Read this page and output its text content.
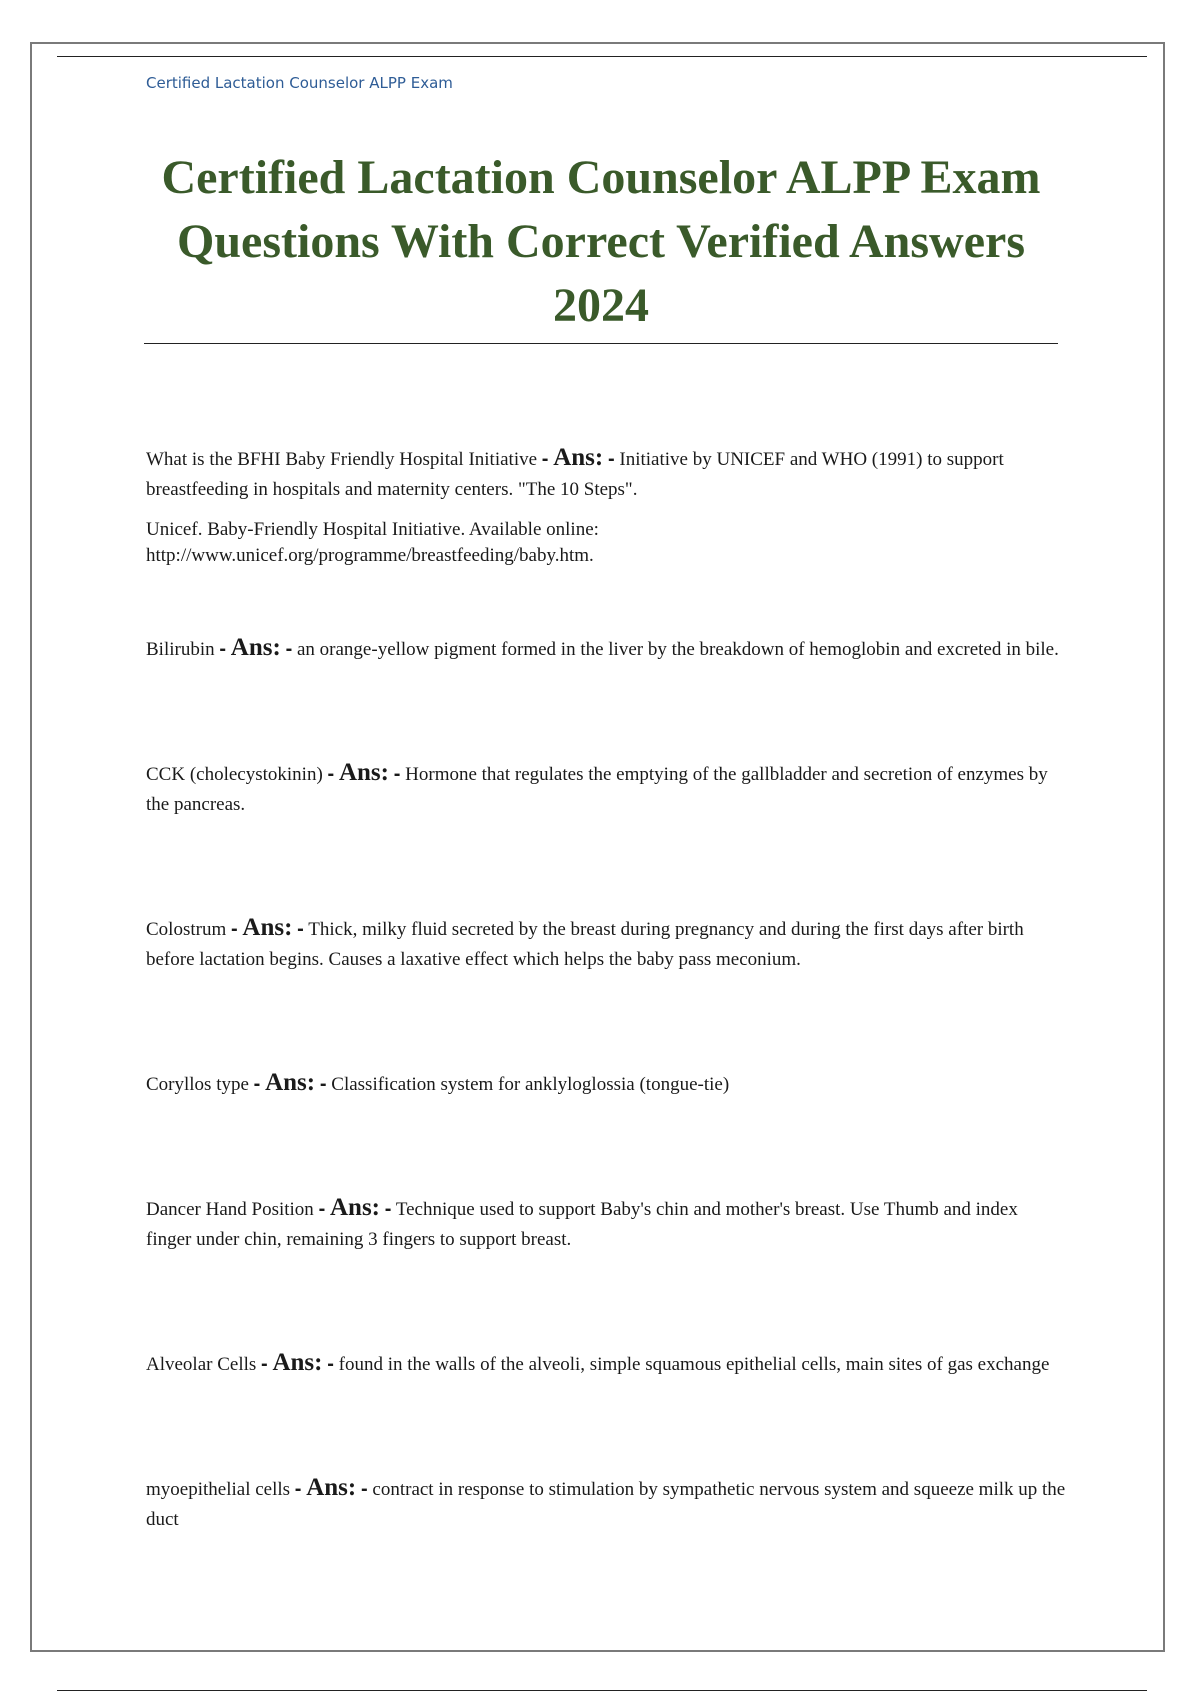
Certified Lactation Counselor ALPP Exam
Certified Lactation Counselor ALPP Exam Questions With Correct Verified Answers 2024

What is the BFHI Baby Friendly Hospital Initiative - Ans: - Initiative by UNICEF and WHO (1991) to support breastfeeding in hospitals and maternity centers. "The 10 Steps".

Unicef. Baby-Friendly Hospital Initiative. Available online:
http://www.unicef.org/programme/breastfeeding/baby.htm.

Bilirubin - Ans: - an orange-yellow pigment formed in the liver by the breakdown of hemoglobin and excreted in bile.

CCK (cholecystokinin) - Ans: - Hormone that regulates the emptying of the gallbladder and secretion of enzymes by the pancreas.

Colostrum - Ans: - Thick, milky fluid secreted by the breast during pregnancy and during the first days after birth before lactation begins. Causes a laxative effect which helps the baby pass meconium.

Coryllos type - Ans: - Classification system for anklyloglossia (tongue-tie)

Dancer Hand Position - Ans: - Technique used to support Baby's chin and mother's breast. Use Thumb and index finger under chin, remaining 3 fingers to support breast.

Alveolar Cells - Ans: - found in the walls of the alveoli, simple squamous epithelial cells, main sites of gas exchange

myoepithelial cells - Ans: - contract in response to stimulation by sympathetic nervous system and squeeze milk up the duct
